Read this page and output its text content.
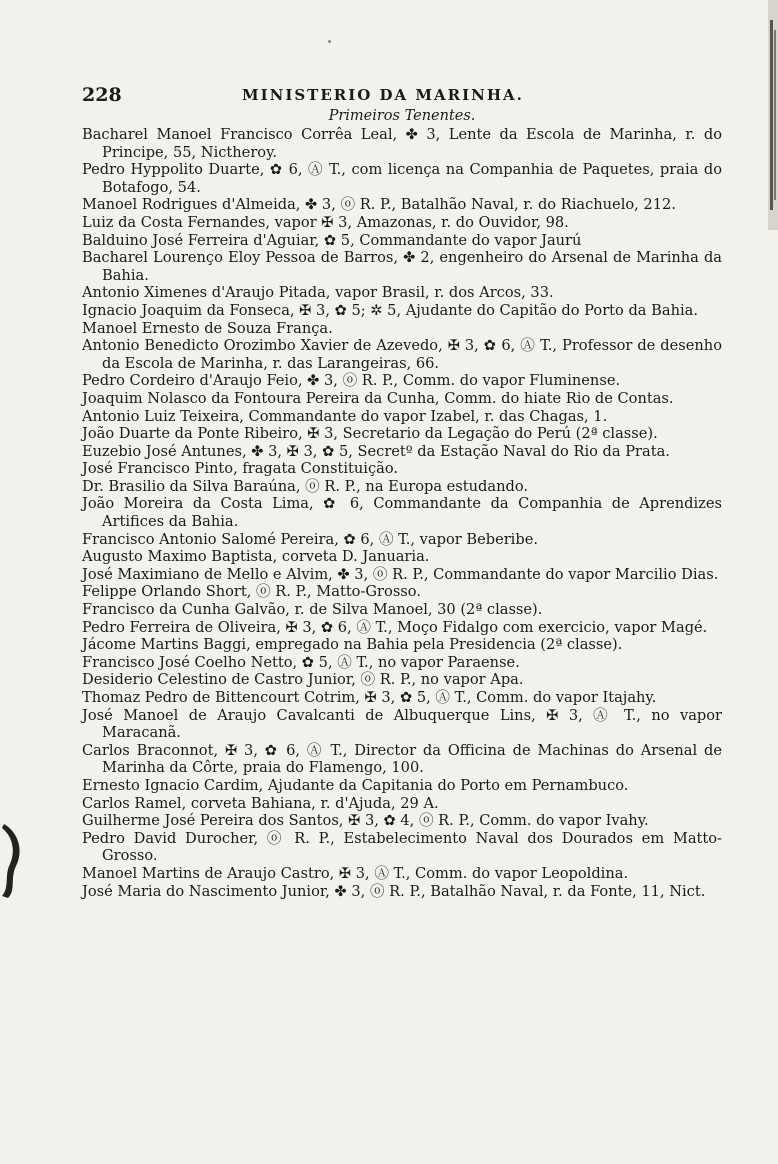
228	MINISTERIO DA MARINHA.
Primeiros Tenentes.
Bacharel Manoel Francisco Corrêa Leal, ✤ 3, Lente da Escola de Marinha, r. do Principe, 55, Nictheroy.
Pedro Hyppolito Duarte, ✿ 6, Ⓐ T., com licença na Companhia de Paquetes, praia do Botafogo, 54.
Manoel Rodrigues d'Almeida, ✤ 3, ⓞ R. P., Batalhão Naval, r. do Riachuelo, 212.
Luiz da Costa Fernandes, vapor ✠ 3, Amazonas, r. do Ouvidor, 98.
Balduino José Ferreira d'Aguiar, ✿ 5, Commandante do vapor Jaurú
Bacharel Lourenço Eloy Pessoa de Barros, ✤ 2, engenheiro do Arsenal de Marinha da Bahia.
Antonio Ximenes d'Araujo Pitada, vapor Brasil, r. dos Arcos, 33.
Ignacio Joaquim da Fonseca, ✠ 3, ✿ 5; ✲ 5, Ajudante do Capitão do Porto da Bahia.
Manoel Ernesto de Souza França.
Antonio Benedicto Orozimbo Xavier de Azevedo, ✠ 3, ✿ 6, Ⓐ T., Professor de desenho da Escola de Marinha, r. das Larangeiras, 66.
Pedro Cordeiro d'Araujo Feio, ✤ 3, ⓞ R. P., Comm. do vapor Fluminense.
Joaquim Nolasco da Fontoura Pereira da Cunha, Comm. do hiate Rio de Contas.
Antonio Luiz Teixeira, Commandante do vapor Izabel, r. das Chagas, 1.
João Duarte da Ponte Ribeiro, ✠ 3, Secretario da Legação do Perú (2ª classe).
Euzebio José Antunes, ✤ 3, ✠ 3, ✿ 5, Secretº da Estação Naval do Rio da Prata.
José Francisco Pinto, fragata Constituição.
Dr. Brasilio da Silva Baraúna, ⓞ R. P., na Europa estudando.
João Moreira da Costa Lima, ✿ 6, Commandante da Companhia de Aprendizes Artifices da Bahia.
Francisco Antonio Salomé Pereira, ✿ 6, Ⓐ T., vapor Beberibe.
Augusto Maximo Baptista, corveta D. Januaria.
José Maximiano de Mello e Alvim, ✤ 3, ⓞ R. P., Commandante do vapor Marcilio Dias.
Felippe Orlando Short, ⓞ R. P., Matto-Grosso.
Francisco da Cunha Galvão, r. de Silva Manoel, 30 (2ª classe).
Pedro Ferreira de Oliveira, ✠ 3, ✿ 6, Ⓐ T., Moço Fidalgo com exercicio, vapor Magé.
Jácome Martins Baggi, empregado na Bahia pela Presidencia (2ª classe).
Francisco José Coelho Netto, ✿ 5, Ⓐ T., no vapor Paraense.
Desiderio Celestino de Castro Junior, ⓞ R. P., no vapor Apa.
Thomaz Pedro de Bittencourt Cotrim, ✠ 3, ✿ 5, Ⓐ T., Comm. do vapor Itajahy.
José Manoel de Araujo Cavalcanti de Albuquerque Lins, ✠ 3, Ⓐ T., no vapor Maracanã.
Carlos Braconnot, ✠ 3, ✿ 6, Ⓐ T., Director da Officina de Machinas do Arsenal de Marinha da Côrte, praia do Flamengo, 100.
Ernesto Ignacio Cardim, Ajudante da Capitania do Porto em Pernambuco.
Carlos Ramel, corveta Bahiana, r. d'Ajuda, 29 A.
Guilherme José Pereira dos Santos, ✠ 3, ✿ 4, ⓞ R. P., Comm. do vapor Ivahy.
Pedro David Durocher, ⓞ R. P., Estabelecimento Naval dos Dourados em Matto-Grosso.
Manoel Martins de Araujo Castro, ✠ 3, Ⓐ T., Comm. do vapor Leopoldina.
José Maria do Nascimento Junior, ✤ 3, ⓞ R. P., Batalhão Naval, r. da Fonte, 11, Nict.
